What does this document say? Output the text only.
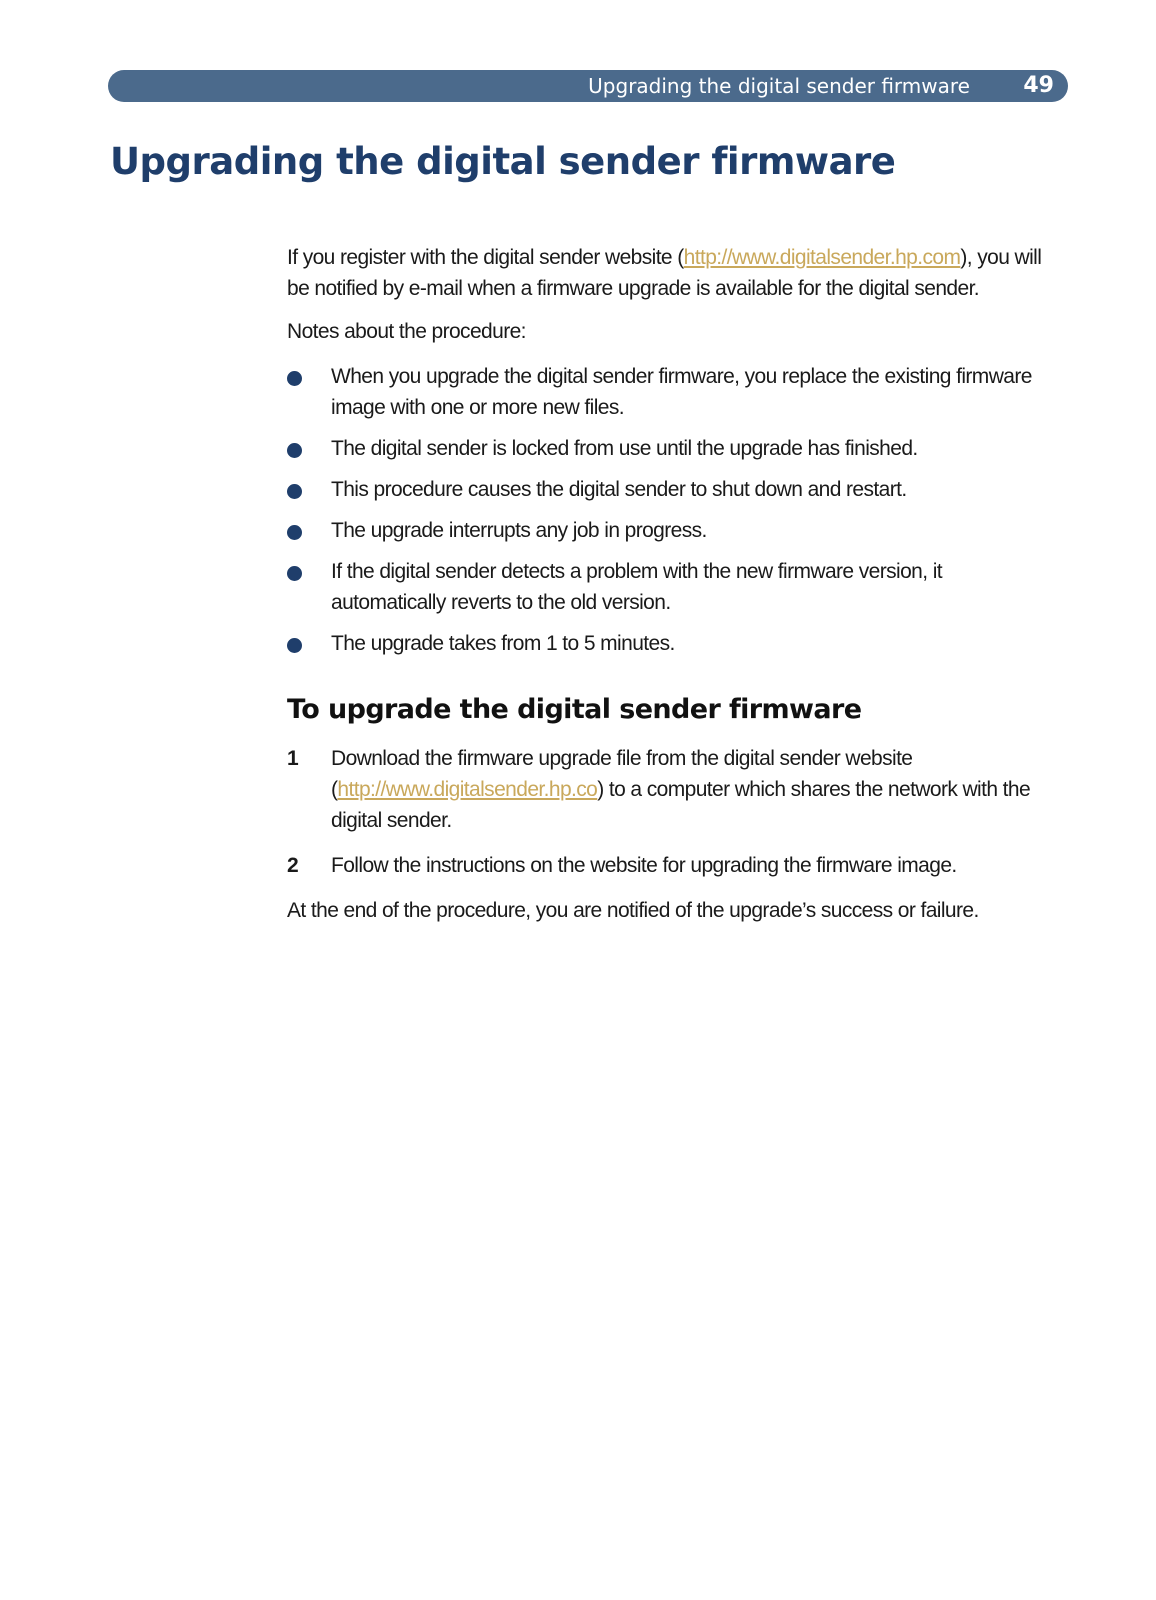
Upgrading the digital sender firmware 49
Upgrading the digital sender firmware

If you register with the digital sender website (http://www.digitalsender.hp.com), you will be notified by e-mail when a firmware upgrade is available for the digital sender.

Notes about the procedure:

When you upgrade the digital sender firmware, you replace the existing firmware image with one or more new files.
The digital sender is locked from use until the upgrade has finished.
This procedure causes the digital sender to shut down and restart.
The upgrade interrupts any job in progress.
If the digital sender detects a problem with the new firmware version, it automatically reverts to the old version.
The upgrade takes from 1 to 5 minutes.
To upgrade the digital sender firmware
1 Download the firmware upgrade file from the digital sender website (http://www.digitalsender.hp.co) to a computer which shares the network with the digital sender.
2 Follow the instructions on the website for upgrading the firmware image.

At the end of the procedure, you are notified of the upgrade’s success or failure.
